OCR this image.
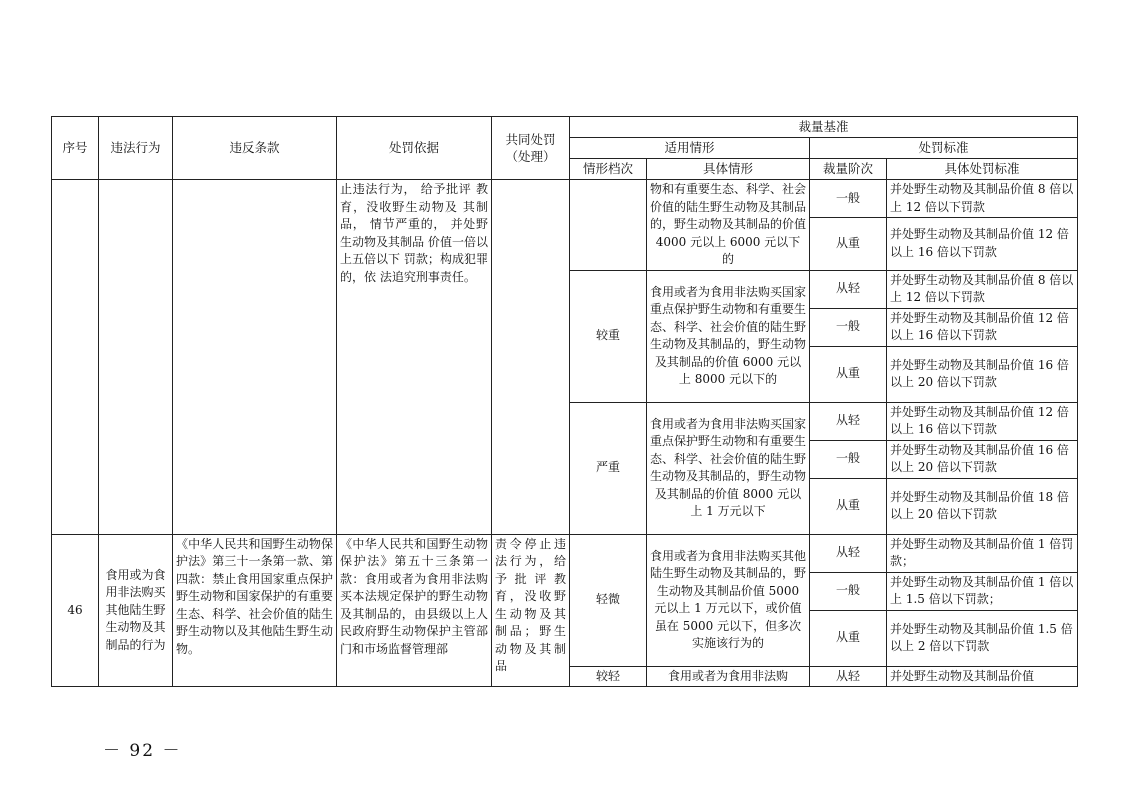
序号	违法行为	违反条款	处罚依据	共同处罚（处理）	裁量基准			
					适用情形		处罚标准	
					情形档次	具体情形	裁量阶次	具体处罚标准
			止违法行为， 给予批评 教育，没收野生动物及 其制品， 情节严重的， 并处野生动物及其制品 价值一倍以上五倍以下 罚款；构成犯罪的，依 法追究刑事责任。			物和有重要生态、科学、社会价值的陆生野生动物及其制品的，野生动物及其制品的价值 4000 元以上 6000 元以下的	一般	并处野生动物及其制品价值 8 倍以上 12 倍以下罚款
							从重	并处野生动物及其制品价值 12 倍以上 16 倍以下罚款
					较重	食用或者为食用非法购买国家重点保护野生动物和有重要生态、科学、社会价值的陆生野生动物及其制品的，野生动物及其制品的价值 6000 元以上 8000 元以下的	从轻	并处野生动物及其制品价值 8 倍以上 12 倍以下罚款
							一般	并处野生动物及其制品价值 12 倍以上 16 倍以下罚款
							从重	并处野生动物及其制品价值 16 倍以上 20 倍以下罚款
					严重	食用或者为食用非法购买国家重点保护野生动物和有重要生态、科学、社会价值的陆生野生动物及其制品的，野生动物及其制品的价值 8000 元以上 1 万元以下	从轻	并处野生动物及其制品价值 12 倍以上 16 倍以下罚款
							一般	并处野生动物及其制品价值 16 倍以上 20 倍以下罚款
							从重	并处野生动物及其制品价值 18 倍以上 20 倍以下罚款
46	食用或为食用非法购买其他陆生野生动物及其制品的行为	《中华人民共和国野生动物保护法》第三十一条第一款、第四款：禁止食用国家重点保护野生动物和国家保护的有重要生态、科学、社会价值的陆生野生动物以及其他陆生野生动物。	《中华人民共和国野生动物保护法》第五十三条第一款：食用或者为食用非法购买本法规定保护的野生动物及其制品的，由县级以上人民政府野生动物保护主管部门和市场监督管理部	责令停止违法行为，给予批评教育，没收野生动物及其制品；野生动物及其制品	轻微	食用或者为食用非法购买其他陆生野生动物及其制品的，野生动物及其制品价值 5000 元以上 1 万元以下，或价值虽在 5000 元以下，但多次实施该行为的	从轻	并处野生动物及其制品价值 1 倍罚款；
							一般	并处野生动物及其制品价值 1 倍以上 1.5 倍以下罚款；
							从重	并处野生动物及其制品价值 1.5 倍以上 2 倍以下罚款
					较轻	食用或者为食用非法购	从轻	并处野生动物及其制品价值
－ 92 －
